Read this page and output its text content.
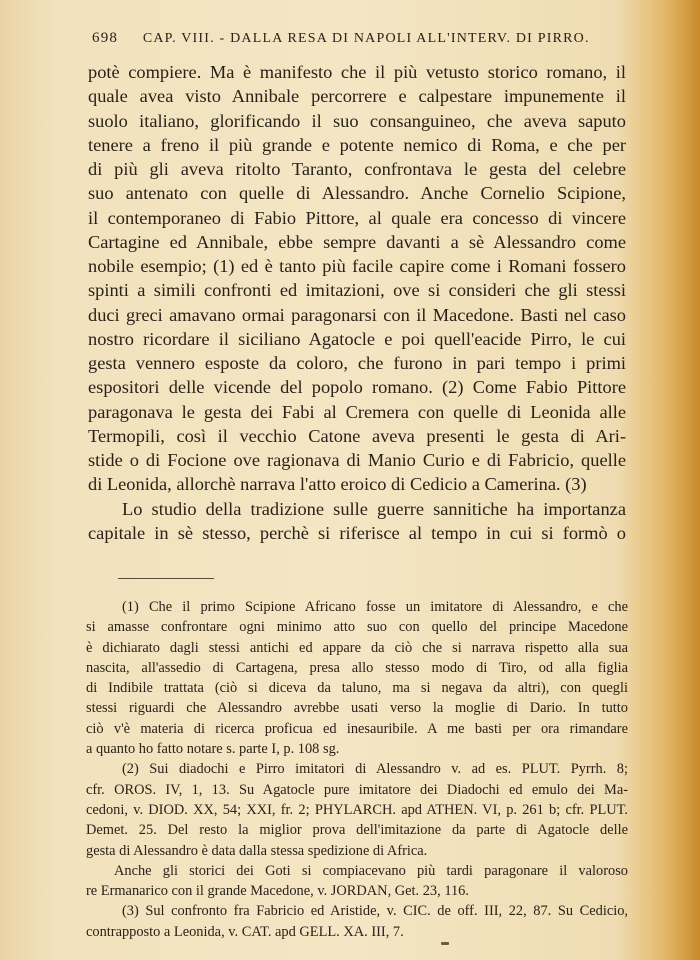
698 CAP. VIII. - DALLA RESA DI NAPOLI ALL'INTERV. DI PIRRO.
potè compiere. Ma è manifesto che il più vetusto storico romano, il
quale avea visto Annibale percorrere e calpestare impunemente il
suolo italiano, glorificando il suo consanguineo, che aveva saputo
tenere a freno il più grande e potente nemico di Roma, e che per
di più gli aveva ritolto Taranto, confrontava le gesta del celebre
suo antenato con quelle di Alessandro. Anche Cornelio Scipione,
il contemporaneo di Fabio Pittore, al quale era concesso di vincere
Cartagine ed Annibale, ebbe sempre davanti a sè Alessandro come
nobile esempio; (1) ed è tanto più facile capire come i Romani fossero
spinti a simili confronti ed imitazioni, ove si consideri che gli stessi
duci greci amavano ormai paragonarsi con il Macedone. Basti nel caso
nostro ricordare il siciliano Agatocle e poi quell'eacide Pirro, le cui
gesta vennero esposte da coloro, che furono in pari tempo i primi
espositori delle vicende del popolo romano. (2) Come Fabio Pittore
paragonava le gesta dei Fabi al Cremera con quelle di Leonida alle
Termopili, così il vecchio Catone aveva presenti le gesta di Ari-
stide o di Focione ove ragionava di Manio Curio e di Fabricio, quelle
di Leonida, allorchè narrava l'atto eroico di Cedicio a Camerina. (3)
Lo studio della tradizione sulle guerre sannitiche ha importanza
capitale in sè stesso, perchè si riferisce al tempo in cui si formò o
(1) Che il primo Scipione Africano fosse un imitatore di Alessandro, e che
si amasse confrontare ogni minimo atto suo con quello del principe Macedone
è dichiarato dagli stessi antichi ed appare da ciò che si narrava rispetto alla sua
nascita, all'assedio di Cartagena, presa allo stesso modo di Tiro, od alla figlia
di Indibile trattata (ciò si diceva da taluno, ma si negava da altri), con quegli
stessi riguardi che Alessandro avrebbe usati verso la moglie di Dario. In tutto
ciò v'è materia di ricerca proficua ed inesauribile. A me basti per ora rimandare
a quanto ho fatto notare s. parte I, p. 108 sg.
(2) Sui diadochi e Pirro imitatori di Alessandro v. ad es. PLUT. Pyrrh. 8;
cfr. OROS. IV, 1, 13. Su Agatocle pure imitatore dei Diadochi ed emulo dei Ma-
cedoni, v. DIOD. XX, 54; XXI, fr. 2; PHYLARCH. apd ATHEN. VI, p. 261 b; cfr. PLUT.
Demet. 25. Del resto la miglior prova dell'imitazione da parte di Agatocle delle
gesta di Alessandro è data dalla stessa spedizione di Africa.
Anche gli storici dei Goti si compiacevano più tardi paragonare il valoroso
re Ermanarico con il grande Macedone, v. JORDAN, Get. 23, 116.
(3) Sul confronto fra Fabricio ed Aristide, v. CIC. de off. III, 22, 87. Su Cedicio,
contrapposto a Leonida, v. CAT. apd GELL. XA. III, 7.
